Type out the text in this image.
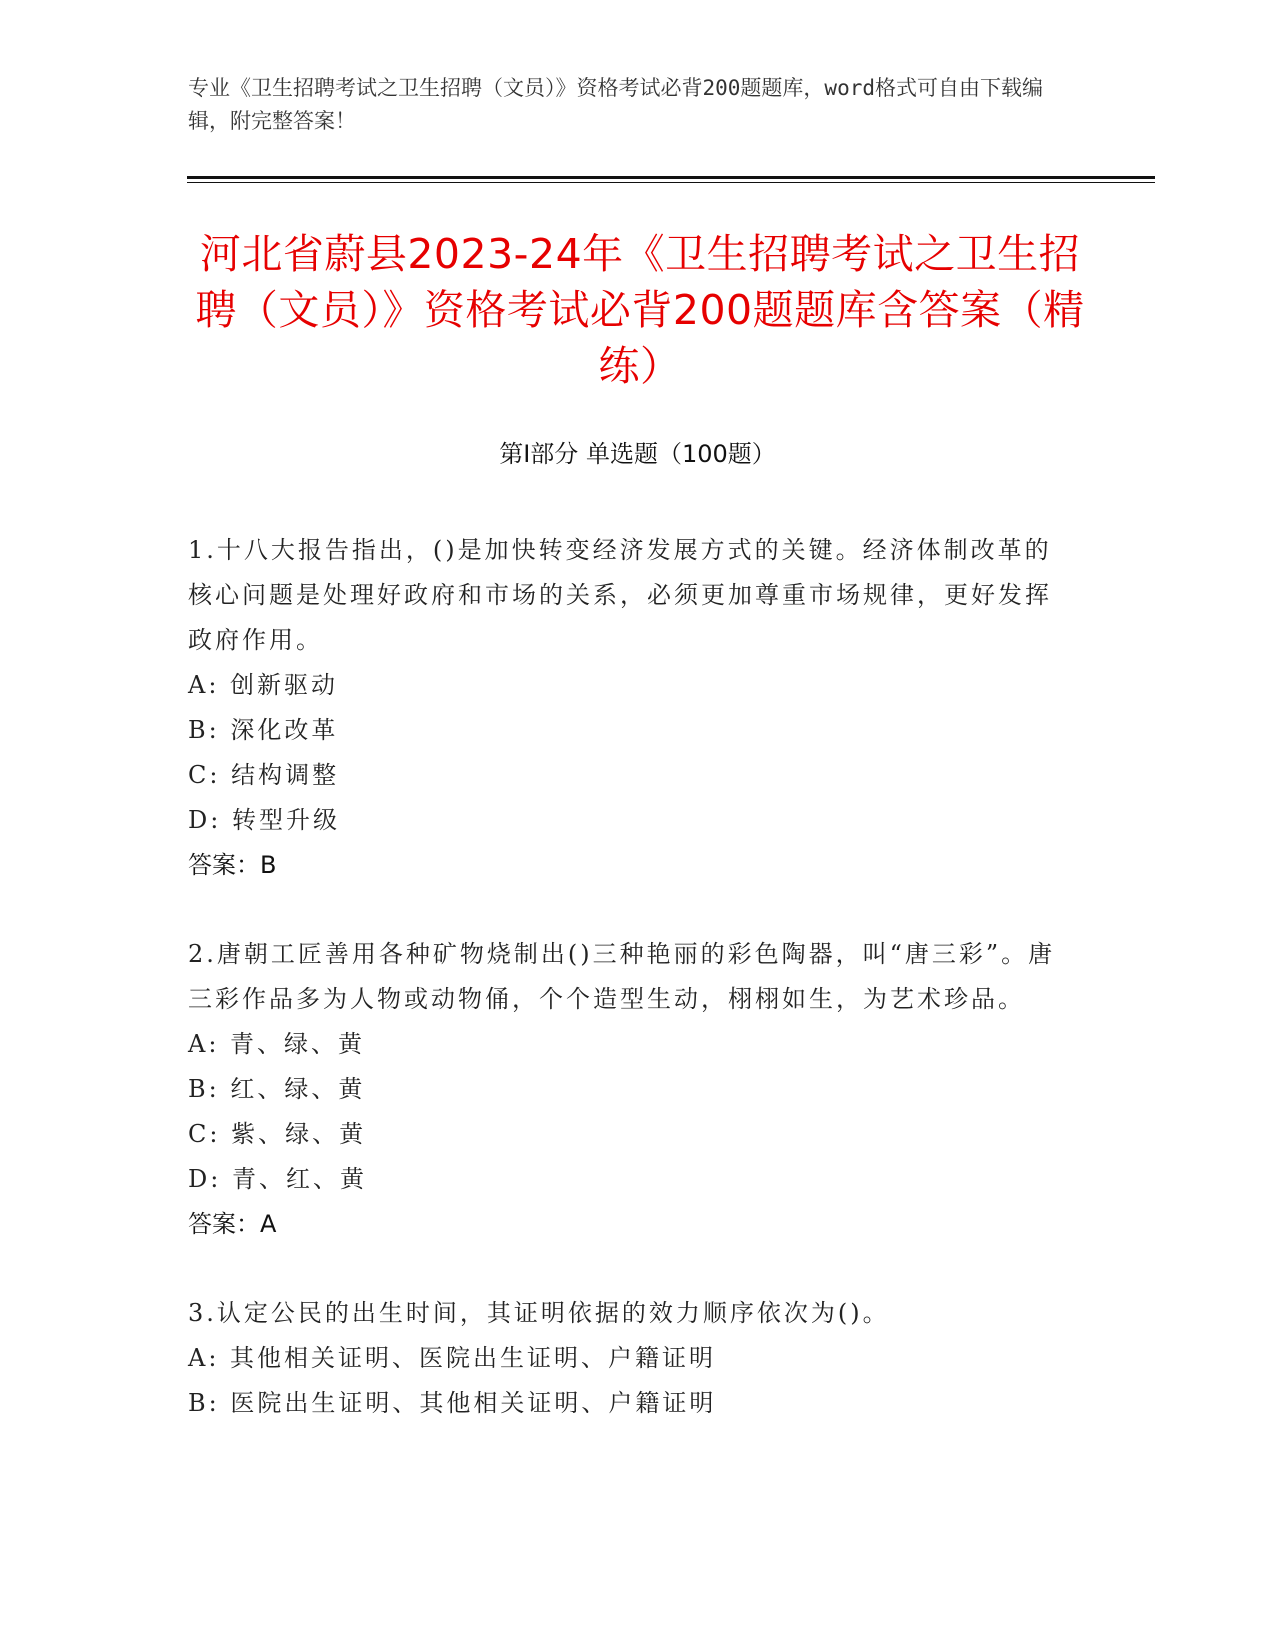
专业《卫生招聘考试之卫生招聘（文员）》资格考试必背200题题库，word格式可自由下载编辑，附完整答案！
河北省蔚县2023-24年《卫生招聘考试之卫生招聘（文员）》资格考试必背200题题库含答案（精练）
第Ⅰ部分 单选题（100题）
1.十八大报告指出，()是加快转变经济发展方式的关键。经济体制改革的核心问题是处理好政府和市场的关系，必须更加尊重市场规律，更好发挥政府作用。
A: 创新驱动
B: 深化改革
C: 结构调整
D: 转型升级
答案：B
2.唐朝工匠善用各种矿物烧制出()三种艳丽的彩色陶器，叫“唐三彩”。唐三彩作品多为人物或动物俑，个个造型生动，栩栩如生，为艺术珍品。
A: 青、绿、黄
B: 红、绿、黄
C: 紫、绿、黄
D: 青、红、黄
答案：A
3.认定公民的出生时间，其证明依据的效力顺序依次为()。
A: 其他相关证明、医院出生证明、户籍证明
B: 医院出生证明、其他相关证明、户籍证明
